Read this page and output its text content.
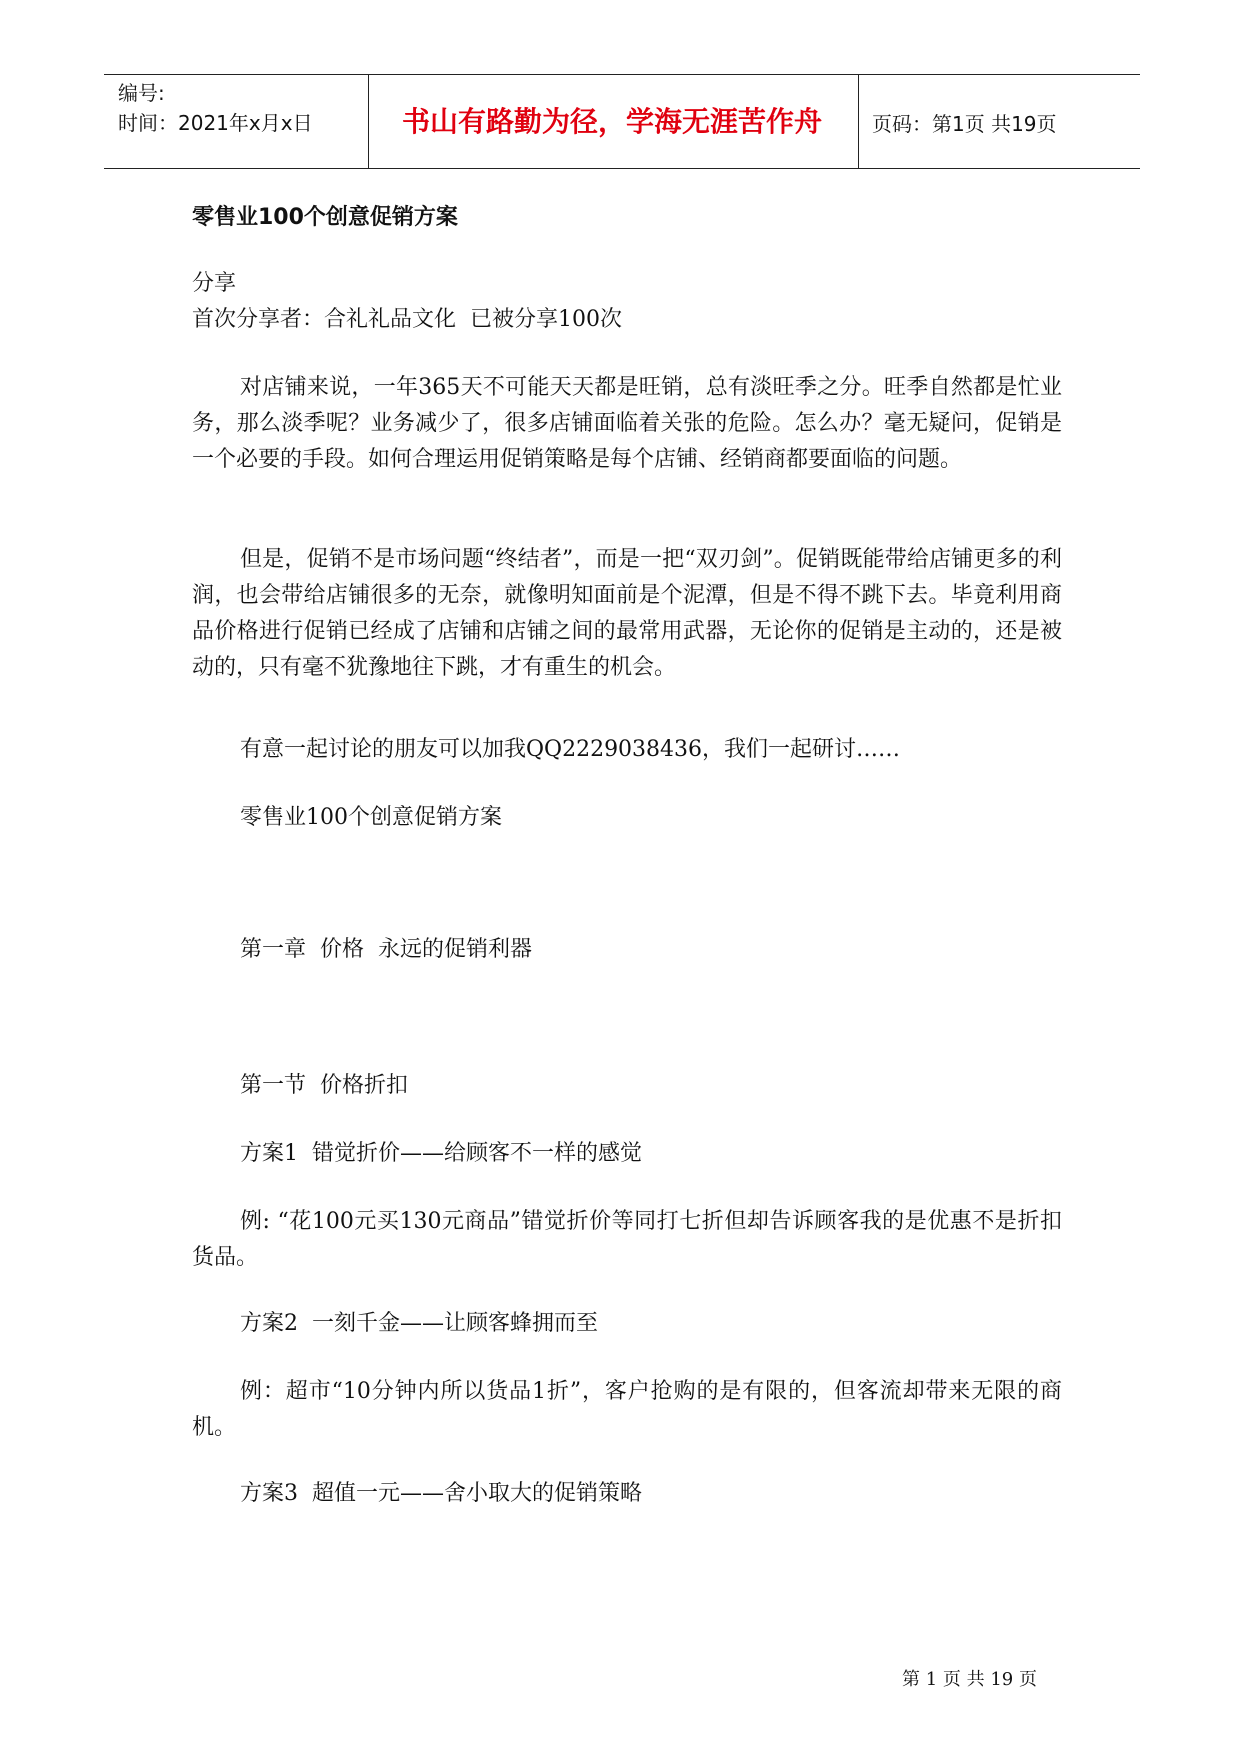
编号:
时间：2021年x月x日	书山有路勤为径，学海无涯苦作舟	页码：第1页 共19页
零售业100个创意促销方案
分享
首次分享者：合礼礼品文化  已被分享100次
对店铺来说，一年365天不可能天天都是旺销，总有淡旺季之分。旺季自然都是忙业务，那么淡季呢？业务减少了，很多店铺面临着关张的危险。怎么办？毫无疑问，促销是一个必要的手段。如何合理运用促销策略是每个店铺、经销商都要面临的问题。
但是，促销不是市场问题“终结者”，而是一把“双刃剑”。促销既能带给店铺更多的利润，也会带给店铺很多的无奈，就像明知面前是个泥潭，但是不得不跳下去。毕竟利用商品价格进行促销已经成了店铺和店铺之间的最常用武器，无论你的促销是主动的，还是被动的，只有毫不犹豫地往下跳，才有重生的机会。
有意一起讨论的朋友可以加我QQ2229038436，我们一起研讨……
零售业100个创意促销方案
第一章  价格  永远的促销利器
第一节  价格折扣
方案1  错觉折价——给顾客不一样的感觉
例: “花100元买130元商品”错觉折价等同打七折但却告诉顾客我的是优惠不是折扣货品。
方案2  一刻千金——让顾客蜂拥而至
例：超市“10分钟内所以货品1折”，客户抢购的是有限的，但客流却带来无限的商机。
方案3  超值一元——舍小取大的促销策略
第 1 页 共 19 页
